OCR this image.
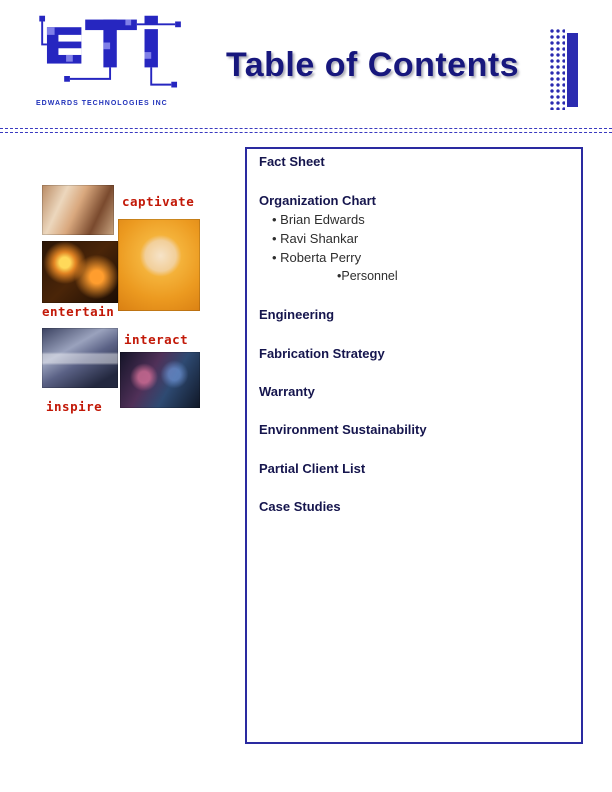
EDWARDS TECHNOLOGIES INC
Table of Contents
captivate
entertain
interact
inspire
Fact Sheet
Organization Chart
• Brian Edwards
• Ravi Shankar
• Roberta Perry
•Personnel
Engineering
Fabrication Strategy
Warranty
Environment Sustainability
Partial Client List
Case Studies
